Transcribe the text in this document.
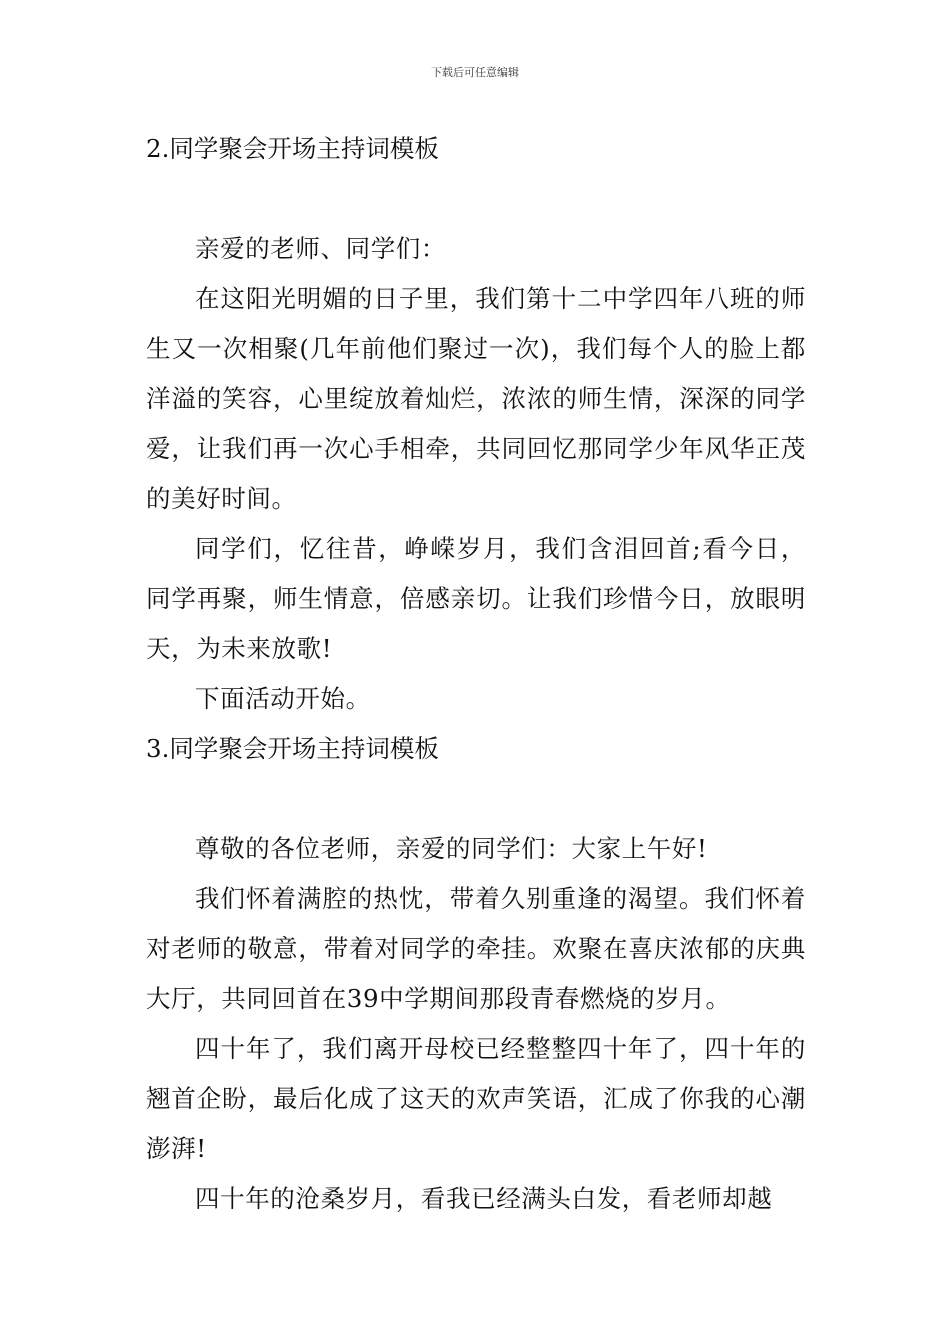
下载后可任意编辑
2.同学聚会开场主持词模板

亲爱的老师、同学们：

在这阳光明媚的日子里，我们第十二中学四年八班的师生又一次相聚(几年前他们聚过一次)，我们每个人的脸上都洋溢的笑容，心里绽放着灿烂，浓浓的师生情，深深的同学爱，让我们再一次心手相牵，共同回忆那同学少年风华正茂的美好时间。

同学们，忆往昔，峥嵘岁月，我们含泪回首;看今日，同学再聚，师生情意，倍感亲切。让我们珍惜今日，放眼明天，为未来放歌!

下面活动开始。

3.同学聚会开场主持词模板

尊敬的各位老师，亲爱的同学们：大家上午好!

我们怀着满腔的热忱，带着久别重逢的渴望。我们怀着对老师的敬意，带着对同学的牵挂。欢聚在喜庆浓郁的庆典大厅，共同回首在39中学期间那段青春燃烧的岁月。

四十年了，我们离开母校已经整整四十年了，四十年的翘首企盼，最后化成了这天的欢声笑语，汇成了你我的心潮澎湃!

四十年的沧桑岁月，看我已经满头白发，看老师却越
